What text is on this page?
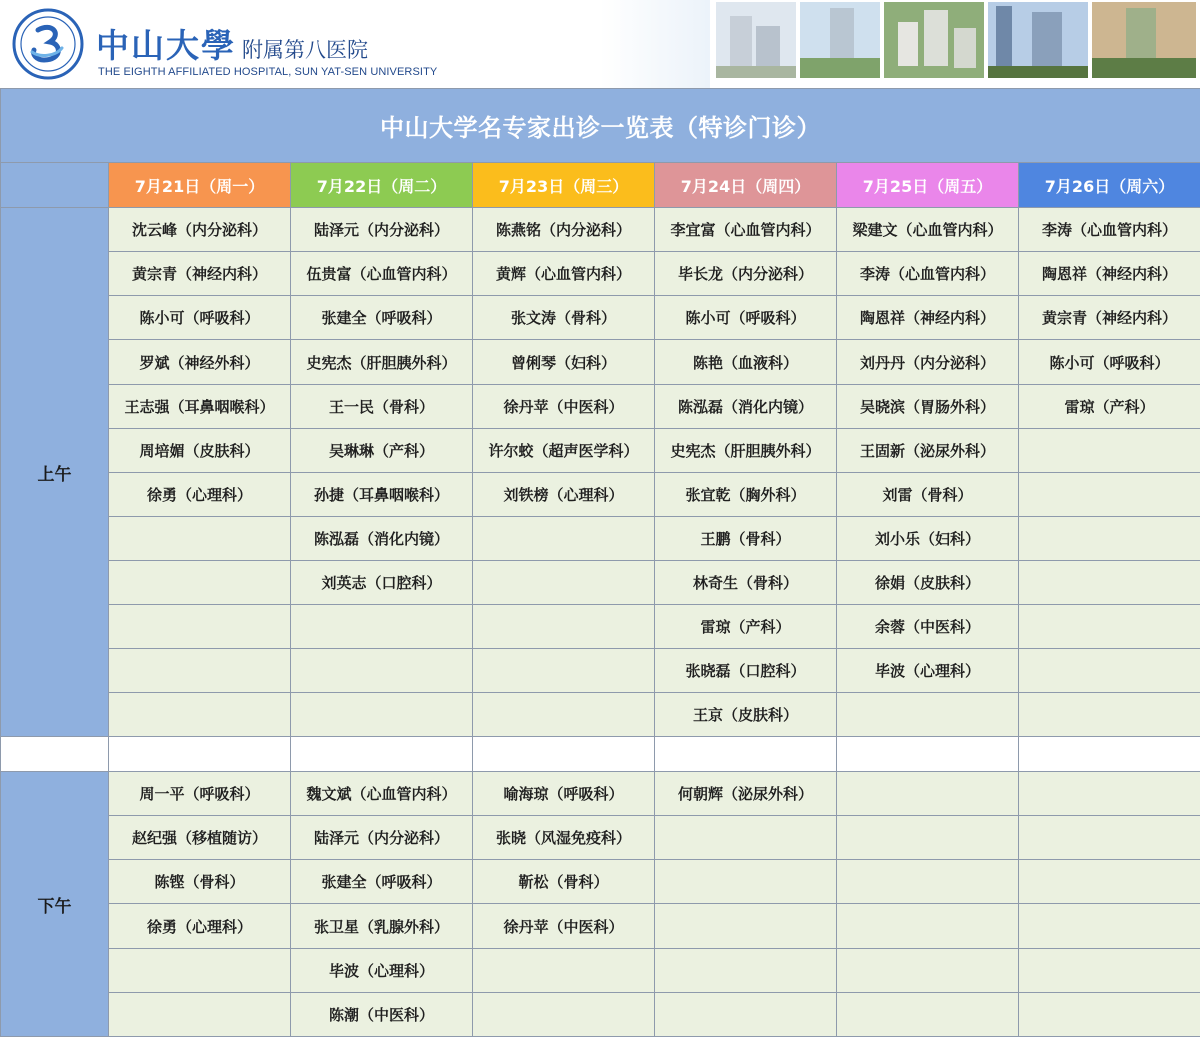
中山大學 附属第八医院
THE EIGHTH AFFILIATED HOSPITAL, SUN YAT-SEN UNIVERSITY
中山大学名专家出诊一览表（特诊门诊）						
	7月21日（周一）	7月22日（周二）	7月23日（周三）	7月24日（周四）	7月25日（周五）	7月26日（周六）
上午	沈云峰（内分泌科）	陆泽元（内分泌科）	陈燕铭（内分泌科）	李宜富（心血管内科）	梁建文（心血管内科）	李涛（心血管内科）
	黄宗青（神经内科）	伍贵富（心血管内科）	黄辉（心血管内科）	毕长龙（内分泌科）	李涛（心血管内科）	陶恩祥（神经内科）
	陈小可（呼吸科）	张建全（呼吸科）	张文涛（骨科）	陈小可（呼吸科）	陶恩祥（神经内科）	黄宗青（神经内科）
	罗斌（神经外科）	史宪杰（肝胆胰外科）	曾俐琴（妇科）	陈艳（血液科）	刘丹丹（内分泌科）	陈小可（呼吸科）
	王志强（耳鼻咽喉科）	王一民（骨科）	徐丹苹（中医科）	陈泓磊（消化内镜）	吴晓滨（胃肠外科）	雷琼（产科）
	周培媚（皮肤科）	吴琳琳（产科）	许尔蛟（超声医学科）	史宪杰（肝胆胰外科）	王固新（泌尿外科）	
	徐勇（心理科）	孙捷（耳鼻咽喉科）	刘铁榜（心理科）	张宜乾（胸外科）	刘雷（骨科）	
		陈泓磊（消化内镜）		王鹏（骨科）	刘小乐（妇科）	
		刘英志（口腔科）		林奇生（骨科）	徐娟（皮肤科）	
				雷琼（产科）	余蓉（中医科）	
				张晓磊（口腔科）	毕波（心理科）	
				王京（皮肤科）		

下午	周一平（呼吸科）	魏文斌（心血管内科）	喻海琼（呼吸科）	何朝辉（泌尿外科）		
	赵纪强（移植随访）	陆泽元（内分泌科）	张晓（风湿免疫科）			
	陈铿（骨科）	张建全（呼吸科）	靳松（骨科）			
	徐勇（心理科）	张卫星（乳腺外科）	徐丹苹（中医科）			
		毕波（心理科）				
		陈潮（中医科）				
